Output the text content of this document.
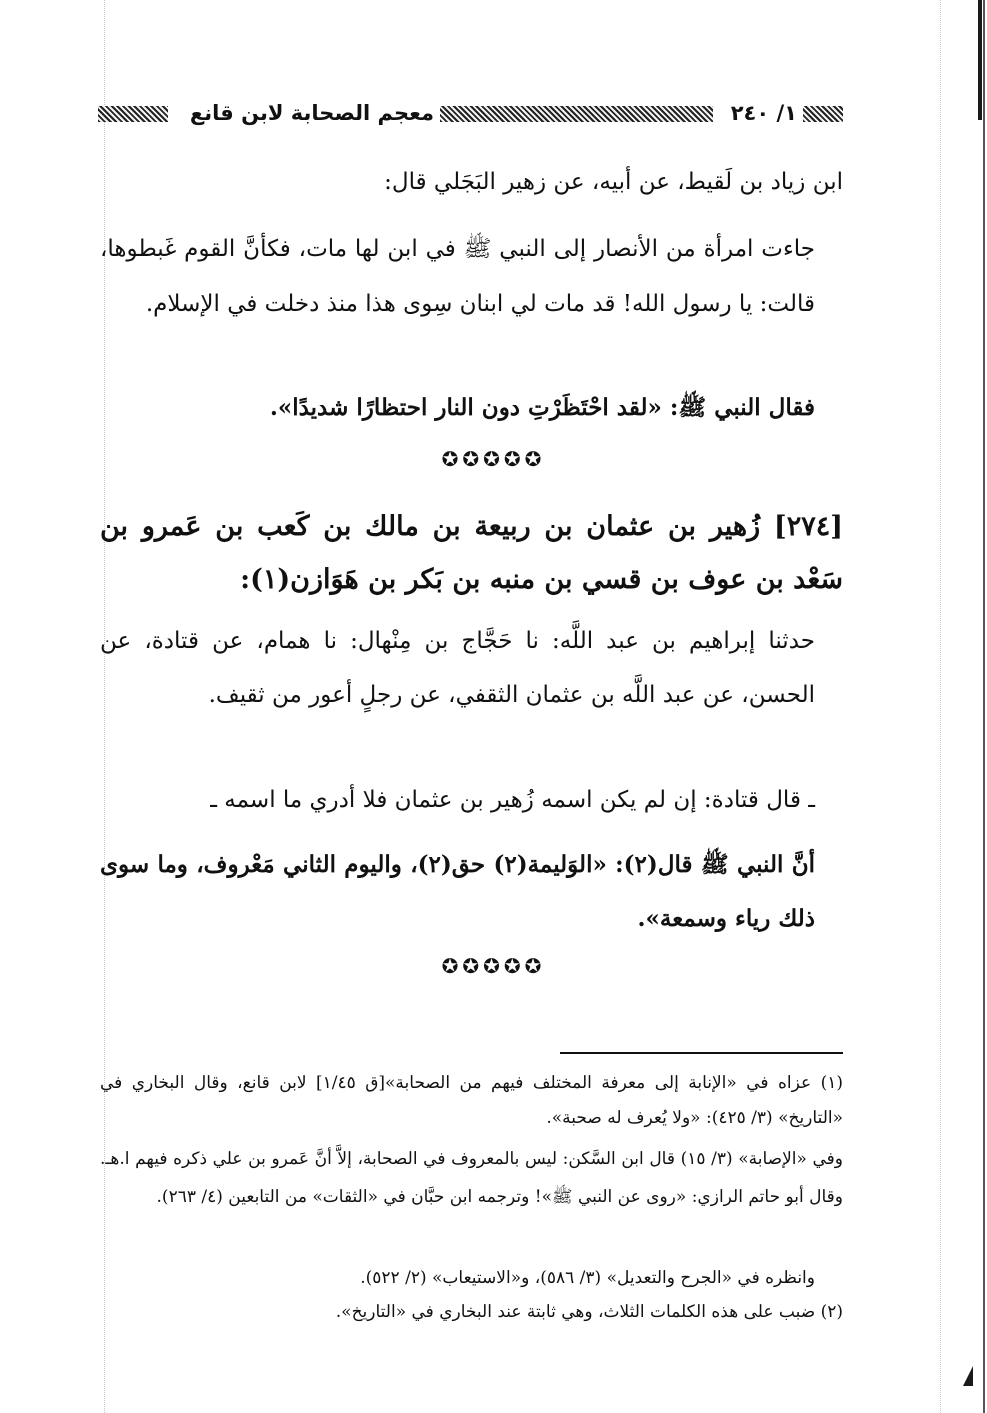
١/ ٢٤٠
معجم الصحابة لابن قانع

ابن زياد بن لَقيط، عن أبيه، عن زهير البَجَلي قال:

جاءت امرأة من الأنصار إلى النبي ﷺ في ابن لها مات، فكأنَّ القوم غَبطوها، قالت: يا رسول الله! قد مات لي ابنان سِوى هذا منذ دخلت في الإسلام.

فقال النبي ﷺ: «لقد احْتَظَرْتِ دون النار احتظارًا شديدًا».

✪✪✪✪✪

[٢٧٤] زُهير بن عثمان بن ربيعة بن مالك بن كَعب بن عَمرو بن سَعْد بن عوف بن قسي بن منبه بن بَكر بن هَوَازن(١):

حدثنا إبراهيم بن عبد اللَّه: نا حَجَّاج بن مِنْهال: نا همام، عن قتادة، عن الحسن، عن عبد اللَّه بن عثمان الثقفي، عن رجلٍ أعور من ثقيف.

ـ قال قتادة: إن لم يكن اسمه زُهير بن عثمان فلا أدري ما اسمه ـ

أنَّ النبي ﷺ قال(٢): «الوَليمة(٢) حق(٢)، واليوم الثاني مَعْروف، وما سوى ذلك رياء وسمعة».

✪✪✪✪✪

(١) عزاه في «الإنابة إلى معرفة المختلف فيهم من الصحابة»[ق ١/٤٥] لابن قانع، وقال البخاري في «التاريخ» (٣/ ٤٢٥): «ولا يُعرف له صحبة».

وفي «الإصابة» (٣/ ١٥) قال ابن السَّكن: ليس بالمعروف في الصحابة، إلاَّ أنَّ عَمرو بن علي ذكره فيهم ا.هـ. وقال أبو حاتم الرازي: «روى عن النبي ﷺ»! وترجمه ابن حبَّان في «الثقات» من التابعين (٤/ ٢٦٣).

وانظره في «الجرح والتعديل» (٣/ ٥٨٦)، و«الاستيعاب» (٢/ ٥٢٢).

(٢) ضبب على هذه الكلمات الثلاث، وهي ثابتة عند البخاري في «التاريخ».
